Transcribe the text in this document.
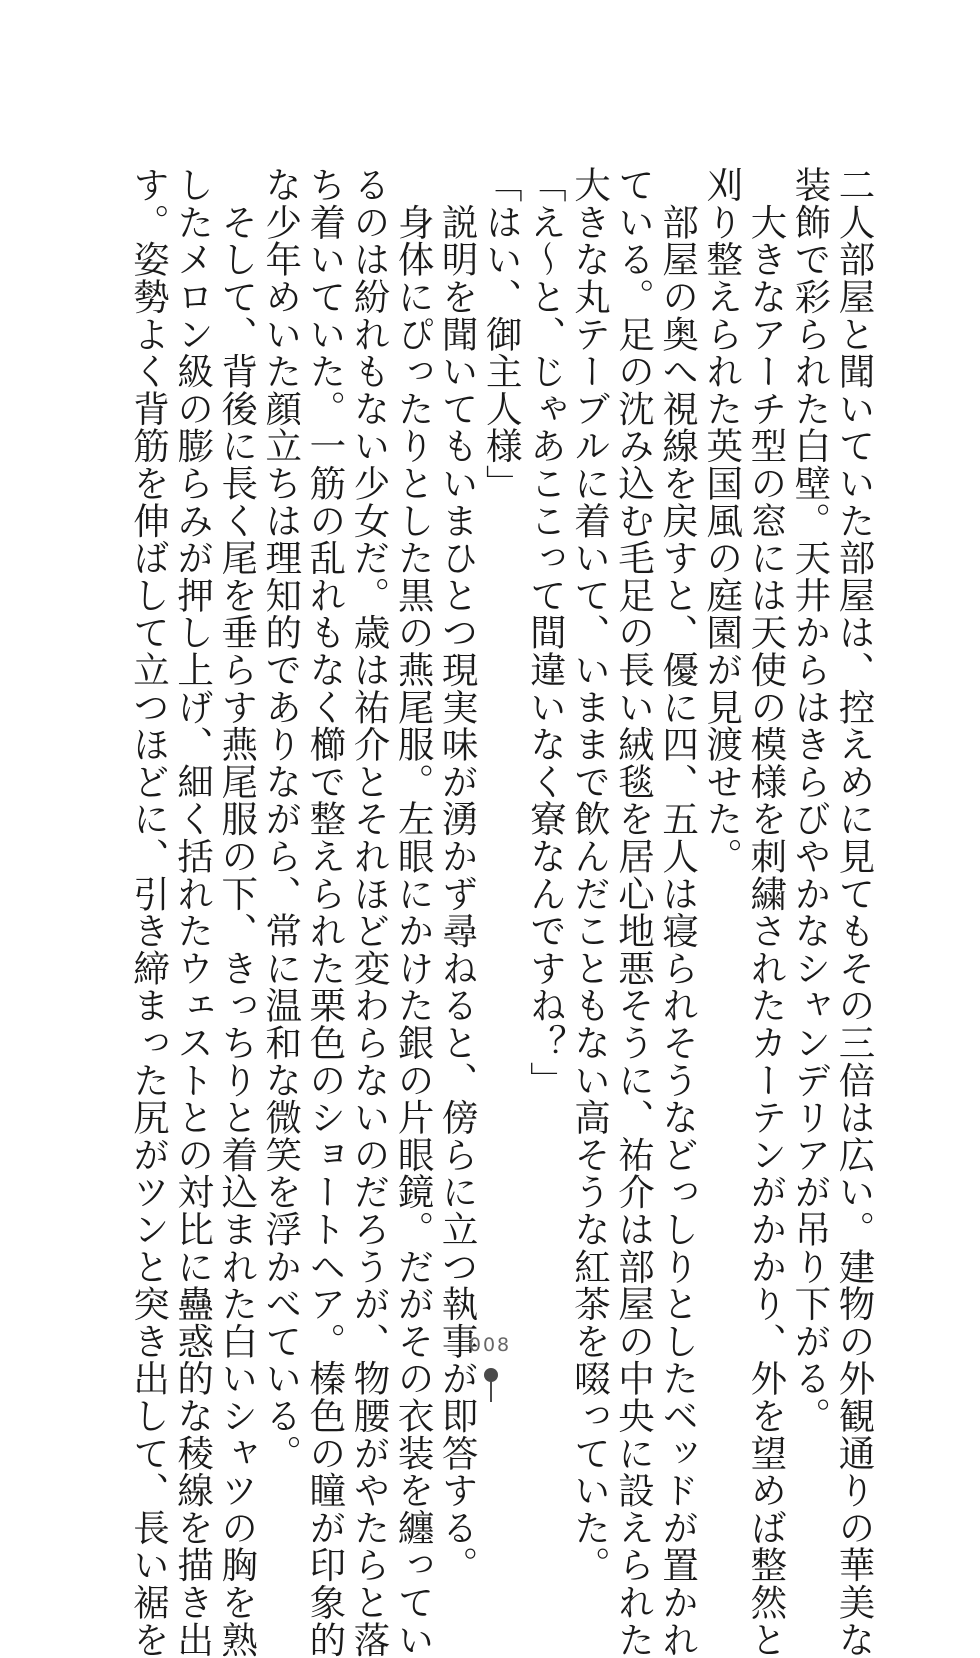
二人部屋と聞いていた部屋は、控えめに見てもその三倍は広い。建物の外観通りの華美な
装飾で彩られた白壁。天井からはきらびやかなシャンデリアが吊り下がる。
　大きなアーチ型の窓には天使の模様を刺繍されたカーテンがかかり、外を望めば整然と
刈り整えられた英国風の庭園が見渡せた。
　部屋の奥へ視線を戻すと、優に四、五人は寝られそうなどっしりとしたベッドが置かれ
ている。足の沈み込む毛足の長い絨毯を居心地悪そうに、祐介は部屋の中央に設えられた
大きな丸テーブルに着いて、いままで飲んだこともない高そうな紅茶を啜っていた。
「え～と、じゃあここって間違いなく寮なんですね？」
「はい、御主人様」
　説明を聞いてもいまひとつ現実味が湧かず尋ねると、傍らに立つ執事が即答する。
　身体にぴったりとした黒の燕尾服。左眼にかけた銀の片眼鏡。だがその衣装を纏ってい
るのは紛れもない少女だ。歳は祐介とそれほど変わらないのだろうが、物腰がやたらと落
ち着いていた。一筋の乱れもなく櫛で整えられた栗色のショートヘア。榛色の瞳が印象的
な少年めいた顔立ちは理知的でありながら、常に温和な微笑を浮かべている。
　そして、背後に長く尾を垂らす燕尾服の下、きっちりと着込まれた白いシャツの胸を熟
したメロン級の膨らみが押し上げ、細く括れたウェストとの対比に蠱惑的な稜線を描き出
す。姿勢よく背筋を伸ばして立つほどに、引き締まった尻がツンと突き出して、長い裾を	008
